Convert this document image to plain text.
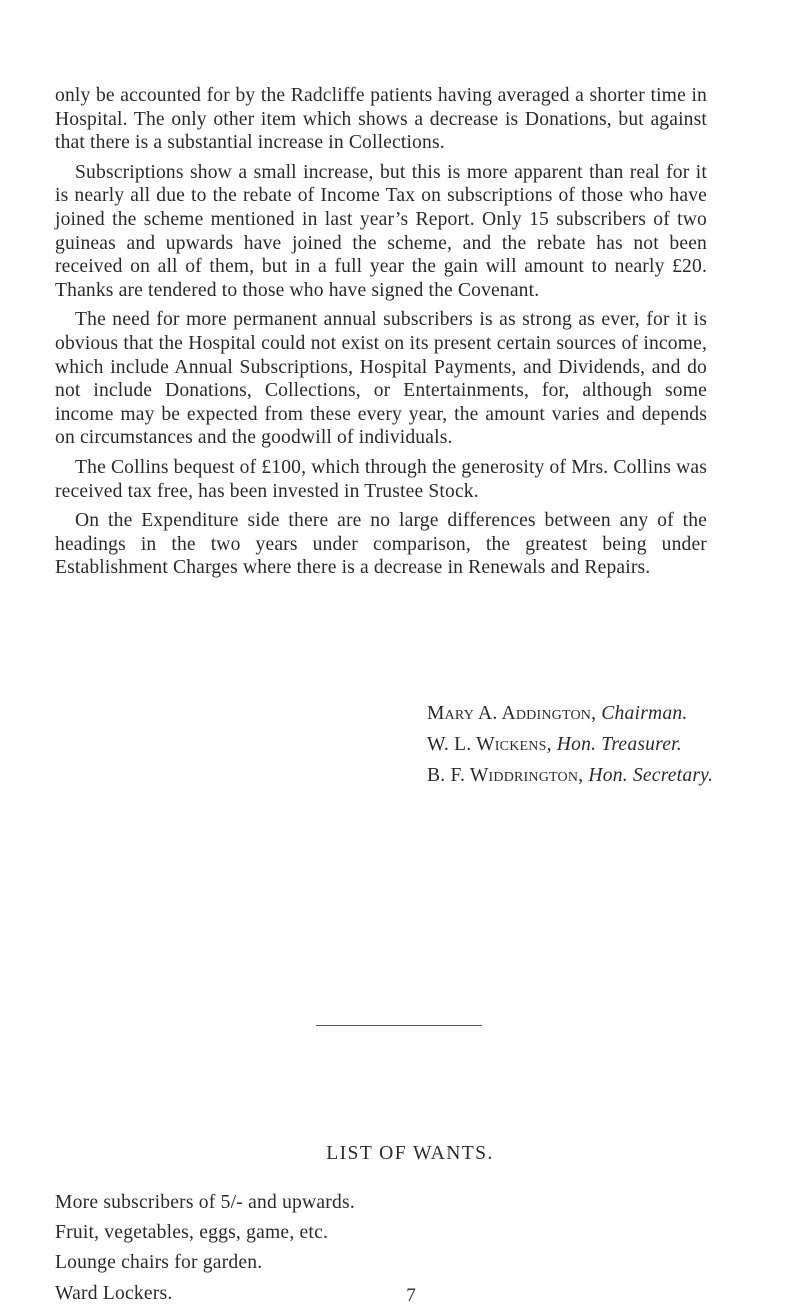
only be accounted for by the Radcliffe patients having averaged a shorter time in Hospital. The only other item which shows a decrease is Donations, but against that there is a substantial increase in Collections.

Subscriptions show a small increase, but this is more apparent than real for it is nearly all due to the rebate of Income Tax on subscriptions of those who have joined the scheme mentioned in last year’s Report. Only 15 subscribers of two guineas and upwards have joined the scheme, and the rebate has not been received on all of them, but in a full year the gain will amount to nearly £20. Thanks are tendered to those who have signed the Covenant.

The need for more permanent annual subscribers is as strong as ever, for it is obvious that the Hospital could not exist on its present certain sources of income, which include Annual Subscriptions, Hospital Payments, and Dividends, and do not include Donations, Collections, or Entertainments, for, although some income may be expected from these every year, the amount varies and depends on circumstances and the goodwill of individuals.

The Collins bequest of £100, which through the generosity of Mrs. Collins was received tax free, has been invested in Trustee Stock.

On the Expenditure side there are no large differences between any of the headings in the two years under comparison, the greatest being under Establishment Charges where there is a decrease in Renewals and Repairs.

Mary A. Addington, Chairman.
W. L. Wickens, Hon. Treasurer.
B. F. Widdrington, Hon. Secretary.
LIST OF WANTS.
More subscribers of 5/- and upwards.
Fruit, vegetables, eggs, game, etc.
Lounge chairs for garden.
Ward Lockers.	7
